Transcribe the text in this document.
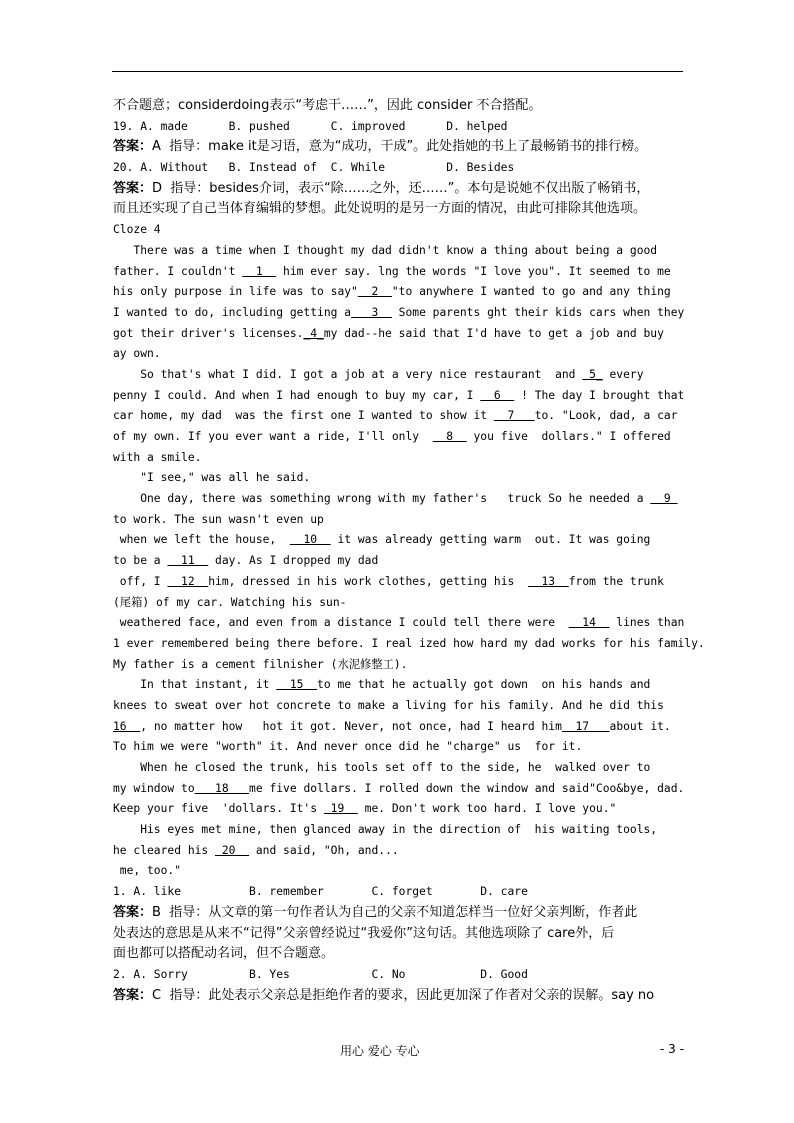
不合题意；considerdoing表示“考虑干……”，因此 consider 不合搭配。
19. A. made      B. pushed      C. improved      D. helped
答案：A  指导：make it是习语，意为“成功，干成”。此处指她的书上了最畅销书的排行榜。
20. A. Without   B. Instead of  C. While         D. Besides
答案：D  指导：besides介词，表示“除……之外，还……”。本句是说她不仅出版了畅销书，
而且还实现了自己当体育编辑的梦想。此处说明的是另一方面的情况，由此可排除其他选项。
Cloze 4
There was a time when I thought my dad didn't know a thing about being a good
father. I couldn't   1   him ever say. lng the words "I love you". It seemed to me
his only purpose in life was to say"  2  "to anywhere I wanted to go and any thing
I wanted to do, including getting a   3   Some parents ght their kids cars when they
got their driver's licenses._4_my dad--he said that I'd have to get a job and buy
ay own.
So that's what I did. I got a job at a very nice restaurant  and  5_ every
penny I could. And when I had enough to buy my car, I   6   ! The day I brought that
car home, my dad  was the first one I wanted to show it   7   to. "Look, dad, a car
of my own. If you ever want a ride, I'll only    8   you five  dollars." I offered
with a smile.
"I see," was all he said.
One day, there was something wrong with my father's   truck So he needed a   9
to work. The sun wasn't even up
when we left the house,    10   it was already getting warm  out. It was going
to be a   11   day. As I dropped my dad
off, I   12  him, dressed in his work clothes, getting his    13  from the trunk
(尾箱) of my car. Watching his sun-
weathered face, and even from a distance I could tell there were    14   lines than
1 ever remembered being there before. I real ized how hard my dad works for his family.
My father is a cement filnisher (水泥修整工).
In that instant, it   15  to me that he actually got down  on his hands and
knees to sweat over hot concrete to make a living for his family. And he did this
16  , no matter how   hot it got. Never, not once, had I heard him  17   about it.
To him we were "worth" it. And never once did he "charge" us  for it.
When he closed the trunk, his tools set off to the side, he  walked over to
my window to   18   me five dollars. I rolled down the window and said"Coo&bye, dad.
Keep your five  'dollars. It's  19   me. Don't work too hard. I love you."
His eyes met mine, then glanced away in the direction of  his waiting tools,
he cleared his  20   and said, "Oh, and...
me, too."
1. A. like          B. remember       C. forget       D. care
答案：B  指导：从文章的第一句作者认为自己的父亲不知道怎样当一位好父亲判断，作者此
处表达的意思是从来不“记得”父亲曾经说过“我爱你”这句话。其他选项除了 care外，后
面也都可以搭配动名词，但不合题意。
2. A. Sorry         B. Yes            C. No           D. Good
答案：C  指导：此处表示父亲总是拒绝作者的要求，因此更加深了作者对父亲的误解。say no
用心 爱心 专心	- 3 -
